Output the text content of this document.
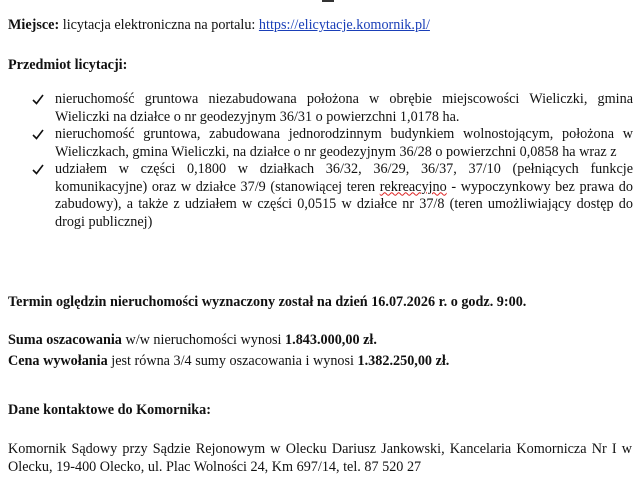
Miejsce: licytacja elektroniczna na portalu: https://elicytacje.komornik.pl/
Przedmiot licytacji:
nieruchomość gruntowa niezabudowana położona w obrębie miejscowości Wieliczki, gmina Wieliczki na działce o nr geodezyjnym 36/31 o powierzchni 1,0178 ha.
nieruchomość gruntowa, zabudowana jednorodzinnym budynkiem wolnostojącym, położona w Wieliczkach, gmina Wieliczki, na działce o nr geodezyjnym 36/28 o powierzchni 0,0858 ha wraz z
udziałem w części 0,1800 w działkach 36/32, 36/29, 36/37, 37/10 (pełniących funkcje komunikacyjne) oraz w działce 37/9 (stanowiącej teren rekreacyjno - wypoczynkowy bez prawa do zabudowy), a także z udziałem w części 0,0515 w działce nr 37/8 (teren umożliwiający dostęp do drogi publicznej)
Termin oględzin nieruchomości wyznaczony został na dzień 16.07.2026 r. o godz. 9:00.
Suma oszacowania w/w nieruchomości wynosi 1.843.000,00 zł.
Cena wywołania jest równa 3/4 sumy oszacowania i wynosi 1.382.250,00 zł.
Dane kontaktowe do Komornika:
Komornik Sądowy przy Sądzie Rejonowym w Olecku Dariusz Jankowski, Kancelaria Komornicza Nr I w Olecku, 19-400 Olecko, ul. Plac Wolności 24, Km 697/14, tel. 87 520 27
